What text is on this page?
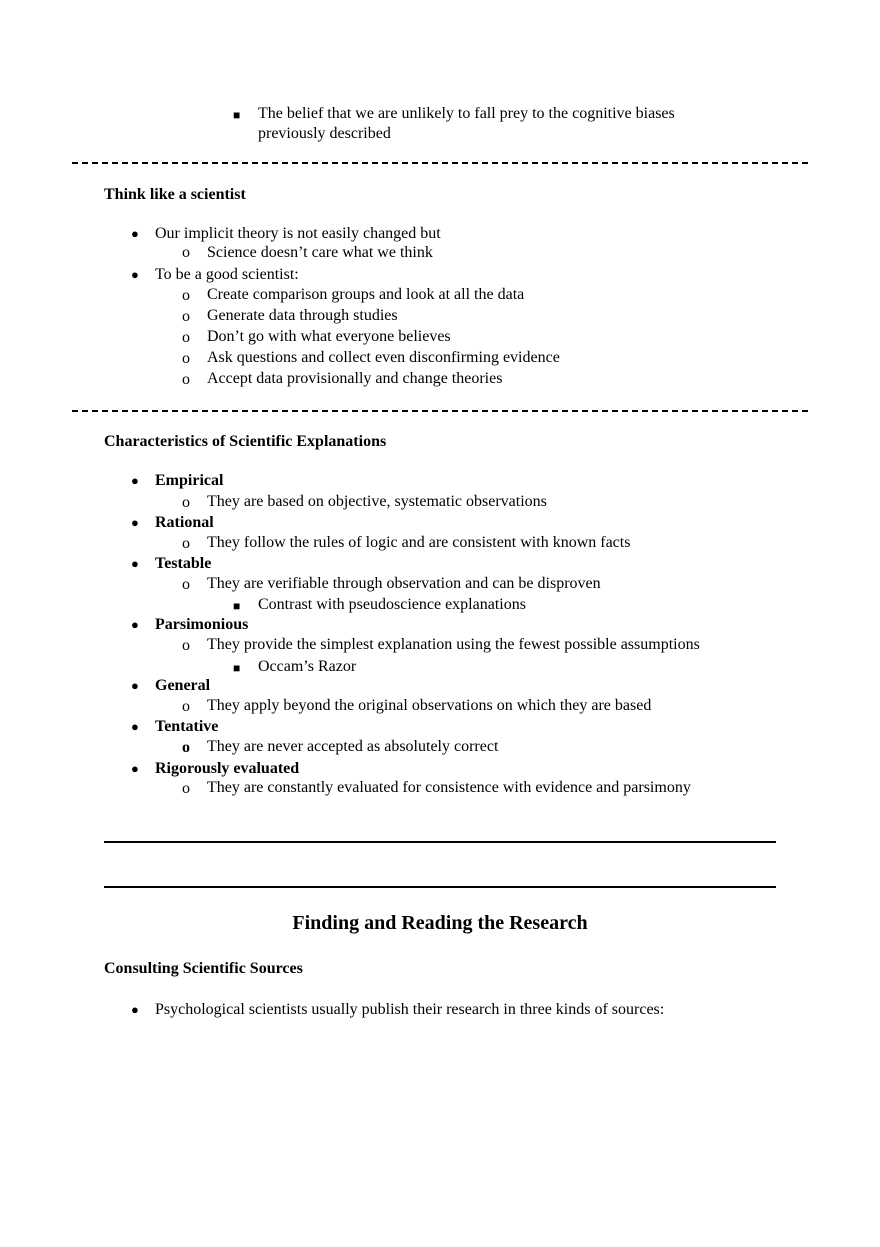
■ The belief that we are unlikely to fall prey to the cognitive biases
previously described
Think like a scientist
● Our implicit theory is not easily changed but
o Science doesn’t care what we think
● To be a good scientist:
o Create comparison groups and look at all the data
o Generate data through studies
o Don’t go with what everyone believes
o Ask questions and collect even disconfirming evidence
o Accept data provisionally and change theories
Characteristics of Scientific Explanations
● Empirical
o They are based on objective, systematic observations
● Rational
o They follow the rules of logic and are consistent with known facts
● Testable
o They are verifiable through observation and can be disproven
■ Contrast with pseudoscience explanations
● Parsimonious
o They provide the simplest explanation using the fewest possible assumptions
■ Occam’s Razor
● General
o They apply beyond the original observations on which they are based
● Tentative
o They are never accepted as absolutely correct
● Rigorously evaluated
o They are constantly evaluated for consistence with evidence and parsimony
Finding and Reading the Research
Consulting Scientific Sources
● Psychological scientists usually publish their research in three kinds of sources:
